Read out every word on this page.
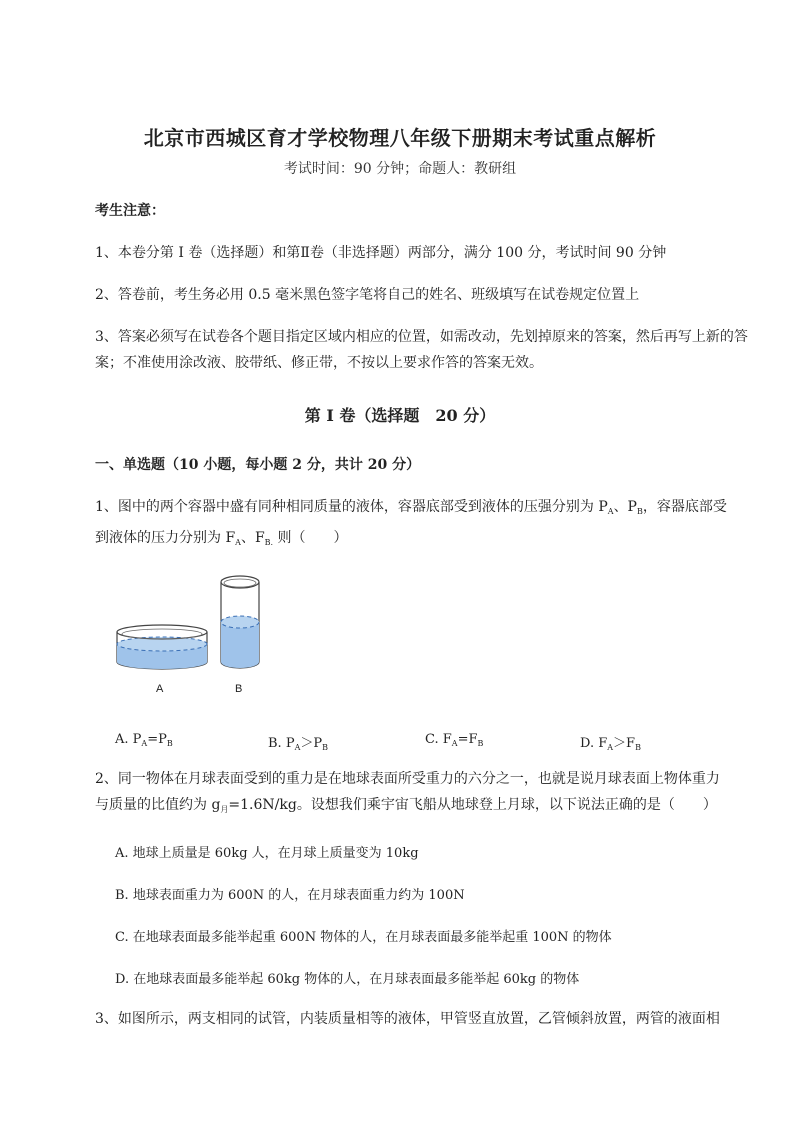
北京市西城区育才学校物理八年级下册期末考试重点解析
考试时间：90 分钟；命题人：教研组
考生注意：
1、本卷分第 I 卷（选择题）和第Ⅱ卷（非选择题）两部分，满分 100 分，考试时间 90 分钟
2、答卷前，考生务必用 0.5 毫米黑色签字笔将自己的姓名、班级填写在试卷规定位置上
3、答案必须写在试卷各个题目指定区域内相应的位置，如需改动，先划掉原来的答案，然后再写上新的答案；不准使用涂改液、胶带纸、修正带，不按以上要求作答的答案无效。
第 I 卷（选择题　20 分）
一、单选题（10 小题，每小题 2 分，共计 20 分）
1、图中的两个容器中盛有同种相同质量的液体，容器底部受到液体的压强分别为 $P_A$、$P_B$，容器底部受
到液体的压力分别为 $F_A$、$F_{B.}$ 则（　　）
A	B
A. $P_A=P_B$	B. $P_A>P_B$
C. $F_A=F_B$	D. $F_A>F_B$
2、同一物体在月球表面受到的重力是在地球表面所受重力的六分之一，也就是说月球表面上物体重力
与质量的比值约为 $g_月=1.6N/kg$。设想我们乘宇宙飞船从地球登上月球，以下说法正确的是（　　）
A. 地球上质量是 60kg 人，在月球上质量变为 10kg
B. 地球表面重力为 600N 的人，在月球表面重力约为 100N
C. 在地球表面最多能举起重 600N 物体的人，在月球表面最多能举起重 100N 的物体
D. 在地球表面最多能举起 60kg 物体的人，在月球表面最多能举起 60kg 的物体
3、如图所示，两支相同的试管，内装质量相等的液体，甲管竖直放置，乙管倾斜放置，两管的液面相
